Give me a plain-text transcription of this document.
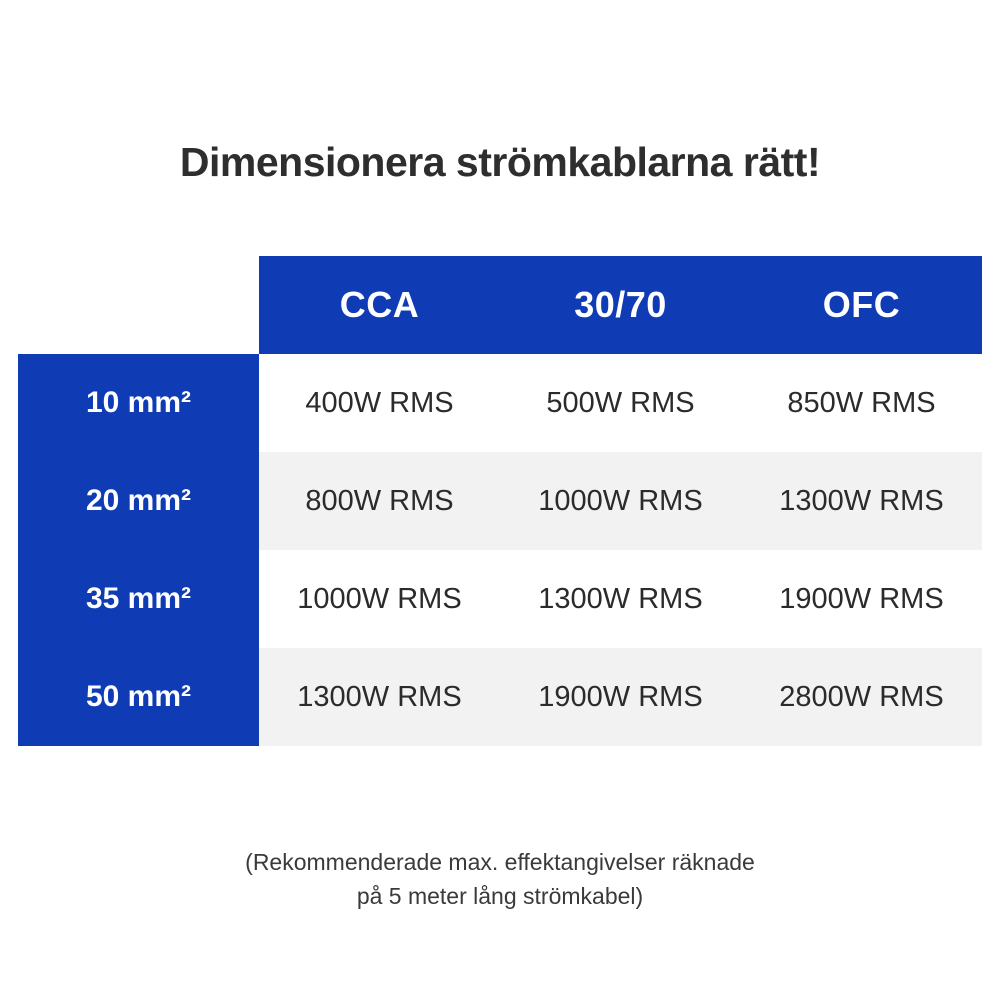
Dimensionera strömkablarna rätt!
	CCA	30/70	OFC
10 mm²	400W RMS	500W RMS	850W RMS
20 mm²	800W RMS	1000W RMS	1300W RMS
35 mm²	1000W RMS	1300W RMS	1900W RMS
50 mm²	1300W RMS	1900W RMS	2800W RMS
(Rekommenderade max. effektangivelser räknade
på 5 meter lång strömkabel)
